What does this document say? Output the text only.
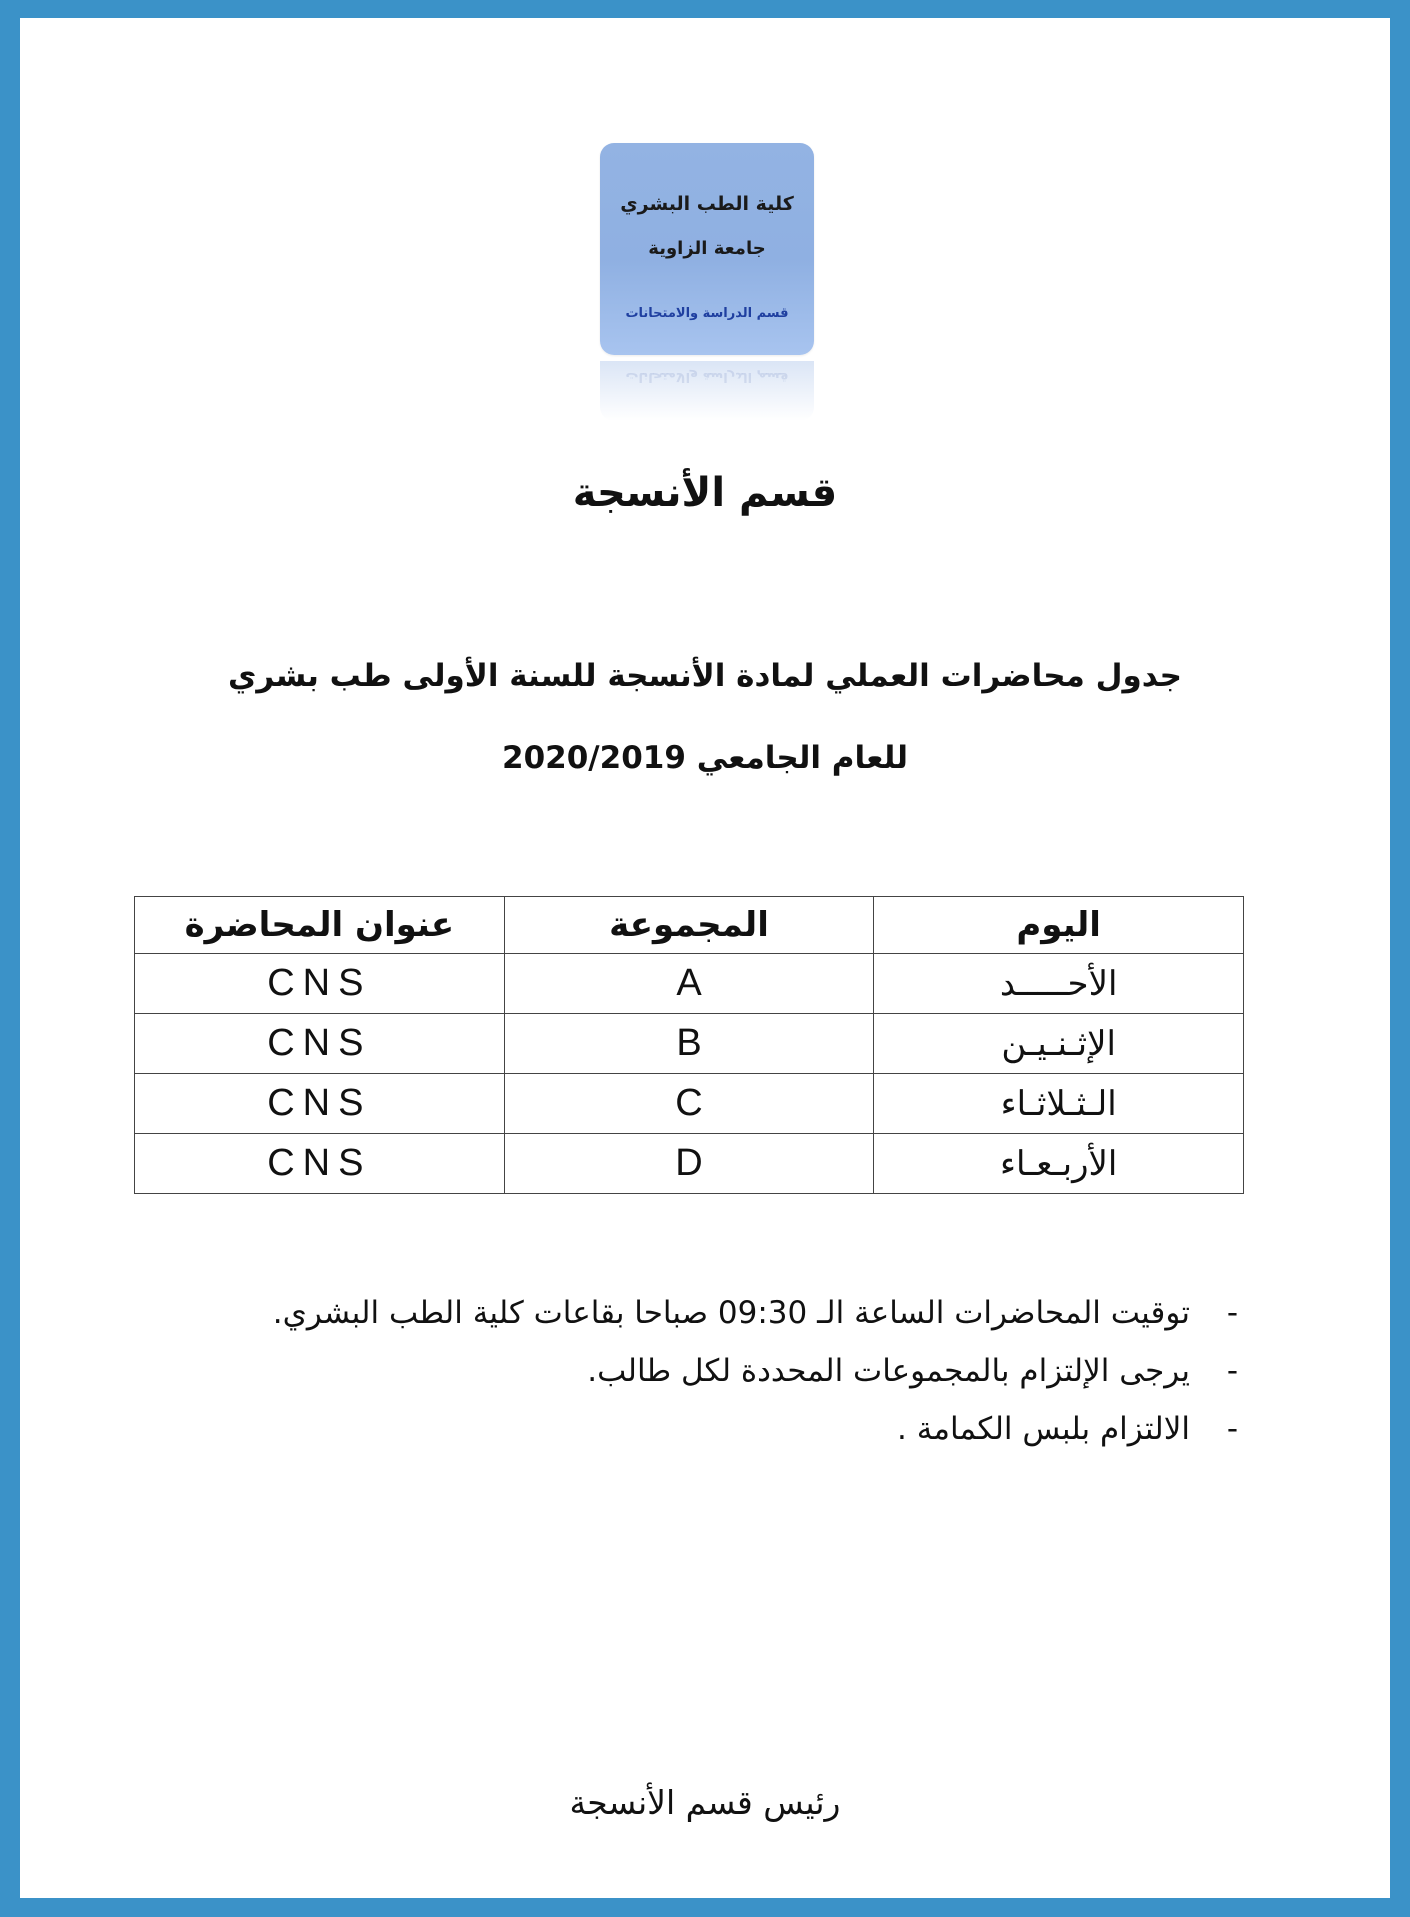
كلية الطب البشري
جامعة الزاوية
قسم الدراسة والامتحانات
قسم الدراسة والامتحانات
قسم الأنسجة
جدول محاضرات العملي لمادة الأنسجة للسنة الأولى طب بشري
للعام الجامعي 2020/2019
اليوم	المجموعة	عنوان المحاضرة
الأحـــــد	A	CNS
الإثـنـيـن	B	CNS
الـثـلاثـاء	C	CNS
الأربـعـاء	D	CNS
-
توقيت المحاضرات الساعة الـ 09:30 صباحا بقاعات كلية الطب البشري.
-
يرجى الإلتزام بالمجموعات المحددة لكل طالب.
-
الالتزام بلبس الكمامة .
رئيس قسم الأنسجة
